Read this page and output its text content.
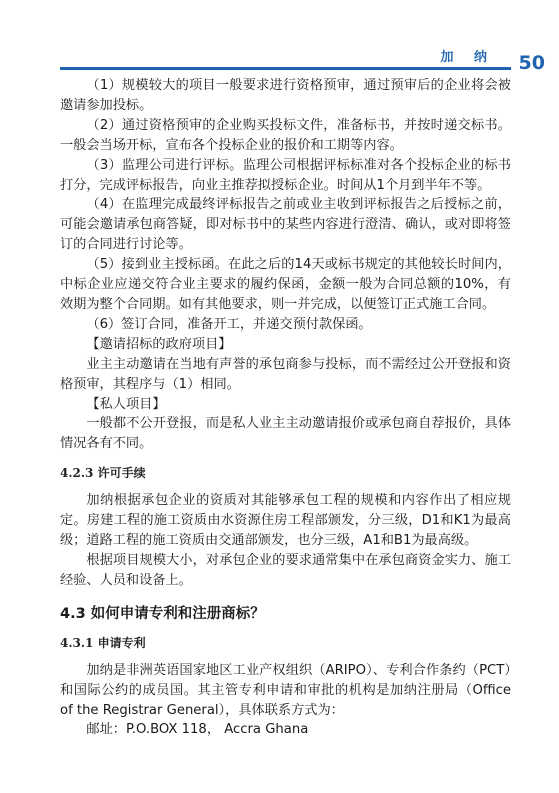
加 纳 50

（1）规模较大的项目一般要求进行资格预审，通过预审后的企业将会被邀请参加投标。

（2）通过资格预审的企业购买投标文件，准备标书，并按时递交标书。一般会当场开标，宣布各个投标企业的报价和工期等内容。

（3）监理公司进行评标。监理公司根据评标标准对各个投标企业的标书打分，完成评标报告，向业主推荐拟授标企业。时间从1个月到半年不等。

（4）在监理完成最终评标报告之前或业主收到评标报告之后授标之前，可能会邀请承包商答疑，即对标书中的某些内容进行澄清、确认，或对即将签订的合同进行讨论等。

（5）接到业主授标函。在此之后的14天或标书规定的其他较长时间内，中标企业应递交符合业主要求的履约保函，金额一般为合同总额的10%，有效期为整个合同期。如有其他要求，则一并完成，以便签订正式施工合同。

（6）签订合同，准备开工，并递交预付款保函。

【邀请招标的政府项目】

业主主动邀请在当地有声誉的承包商参与投标，而不需经过公开登报和资格预审，其程序与（1）相同。

【私人项目】

一般都不公开登报，而是私人业主主动邀请报价或承包商自荐报价，具体情况各有不同。

4.2.3 许可手续

加纳根据承包企业的资质对其能够承包工程的规模和内容作出了相应规定。房建工程的施工资质由水资源住房工程部颁发，分三级，D1和K1为最高级；道路工程的施工资质由交通部颁发，也分三级，A1和B1为最高级。

根据项目规模大小，对承包企业的要求通常集中在承包商资金实力、施工经验、人员和设备上。

4.3 如何申请专利和注册商标？
4.3.1 申请专利

加纳是非洲英语国家地区工业产权组织（ARIPO）、专利合作条约（PCT）和国际公约的成员国。其主管专利申请和审批的机构是加纳注册局（Office of the Registrar General），具体联系方式为：

邮址：P.O.BOX 118， Accra Ghana
